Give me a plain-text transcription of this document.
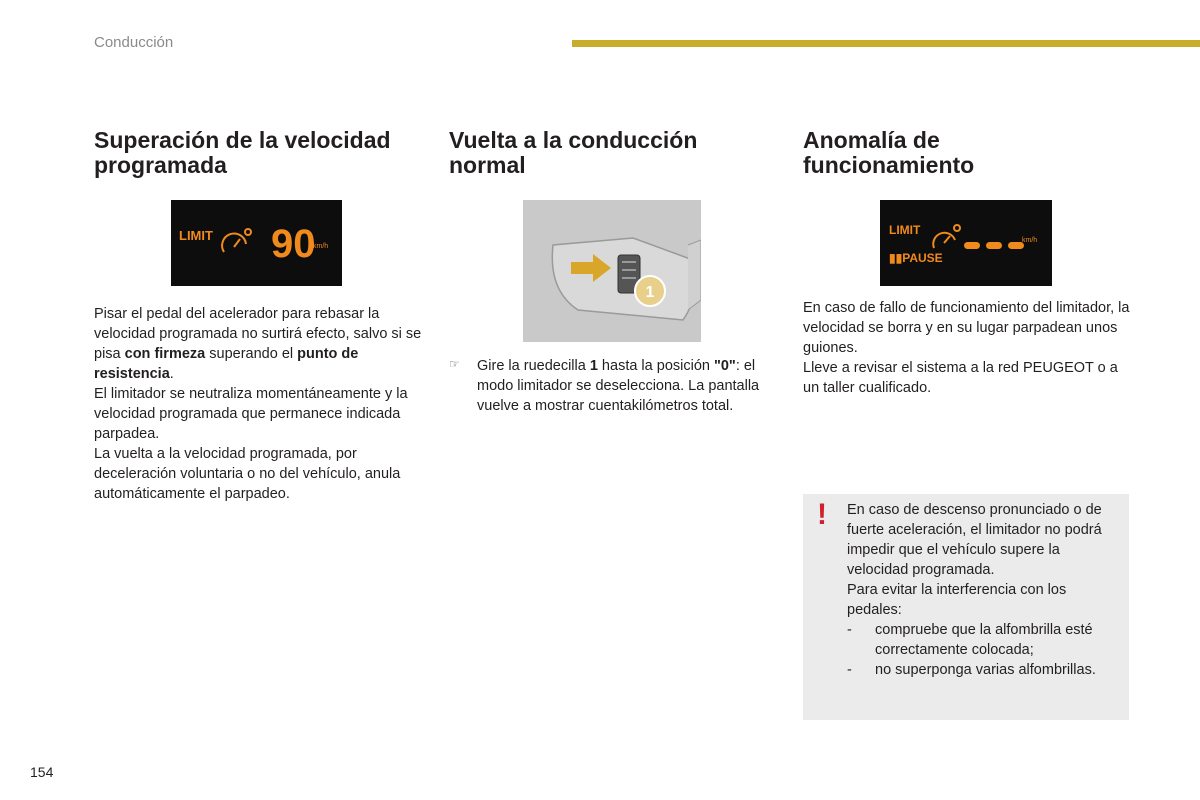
Conducción
Superación de la velocidad
programada
LIMIT 90
km/h

Pisar el pedal del acelerador para rebasar la velocidad programada no surtirá efecto, salvo si se pisa con firmeza superando el punto de resistencia.

El limitador se neutraliza momentáneamente y la velocidad programada que permanece indicada parpadea.

La vuelta a la velocidad programada, por deceleración voluntaria o no del vehículo, anula automáticamente el parpadeo.

Vuelta a la conducción
normal
1
☞ Gire la ruedecilla 1 hasta la posición "0": el modo limitador se deselecciona. La pantalla vuelve a mostrar cuentakilómetros total.

Anomalía de
funcionamiento
LIMIT
▮▮PAUSE
km/h

En caso de fallo de funcionamiento del limitador, la velocidad se borra y en su lugar parpadean unos guiones.

Lleve a revisar el sistema a la red PEUGEOT o a un taller cualificado.

! En caso de descenso pronunciado o de fuerte aceleración, el limitador no podrá impedir que el vehículo supere la velocidad programada.

Para evitar la interferencia con los pedales:

- compruebe que la alfombrilla esté correctamente colocada;

- no superponga varias alfombrillas.

154
